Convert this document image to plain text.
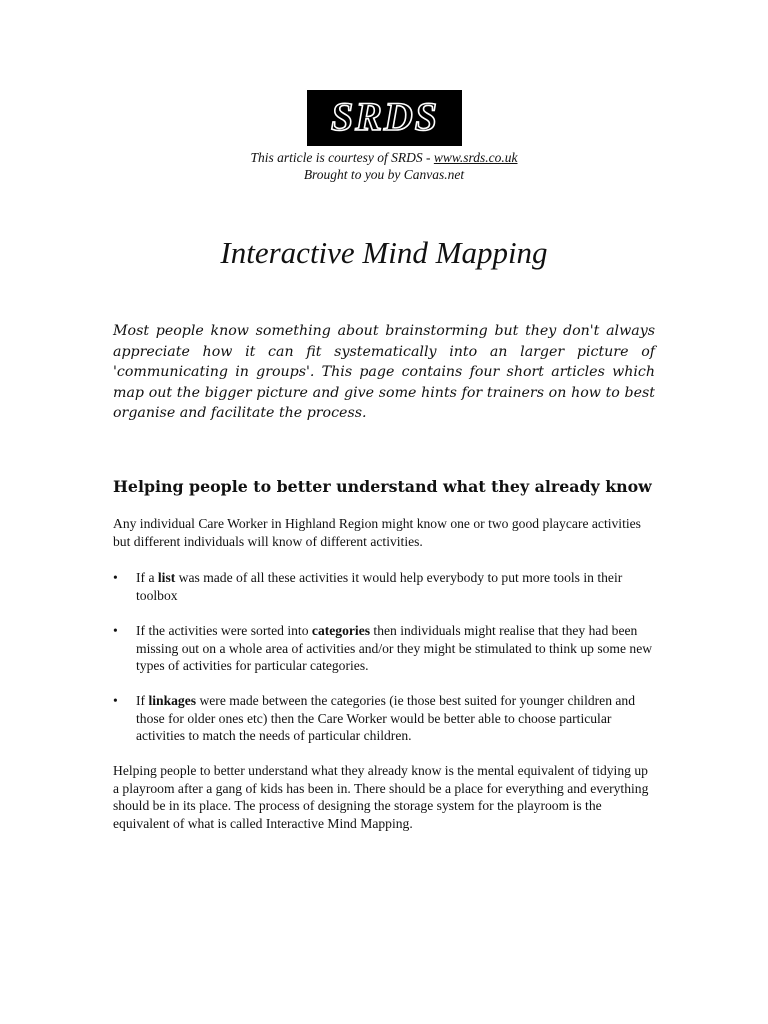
SRDS
This article is courtesy of SRDS - www.srds.co.uk
Brought to you by Canvas.net
Interactive Mind Mapping

Most people know something about brainstorming but they don't always appreciate how it can fit systematically into an larger picture of 'communicating in groups'. This page contains four short articles which map out the bigger picture and give some hints for trainers on how to best organise and facilitate the process.

Helping people to better understand what they already know

Any individual Care Worker in Highland Region might know one or two good playcare activities but different individuals will know of different activities.

•	If a list was made of all these activities it would help everybody to put more tools in their toolbox
•	If the activities were sorted into categories then individuals might realise that they had been missing out on a whole area of activities and/or they might be stimulated to think up some new types of activities for particular categories.
•	If linkages were made between the categories (ie those best suited for younger children and those for older ones etc) then the Care Worker would be better able to choose particular activities to match the needs of particular children.

Helping people to better understand what they already know is the mental equivalent of tidying up a playroom after a gang of kids has been in. There should be a place for everything and everything should be in its place. The process of designing the storage system for the playroom is the equivalent of what is called Interactive Mind Mapping.
